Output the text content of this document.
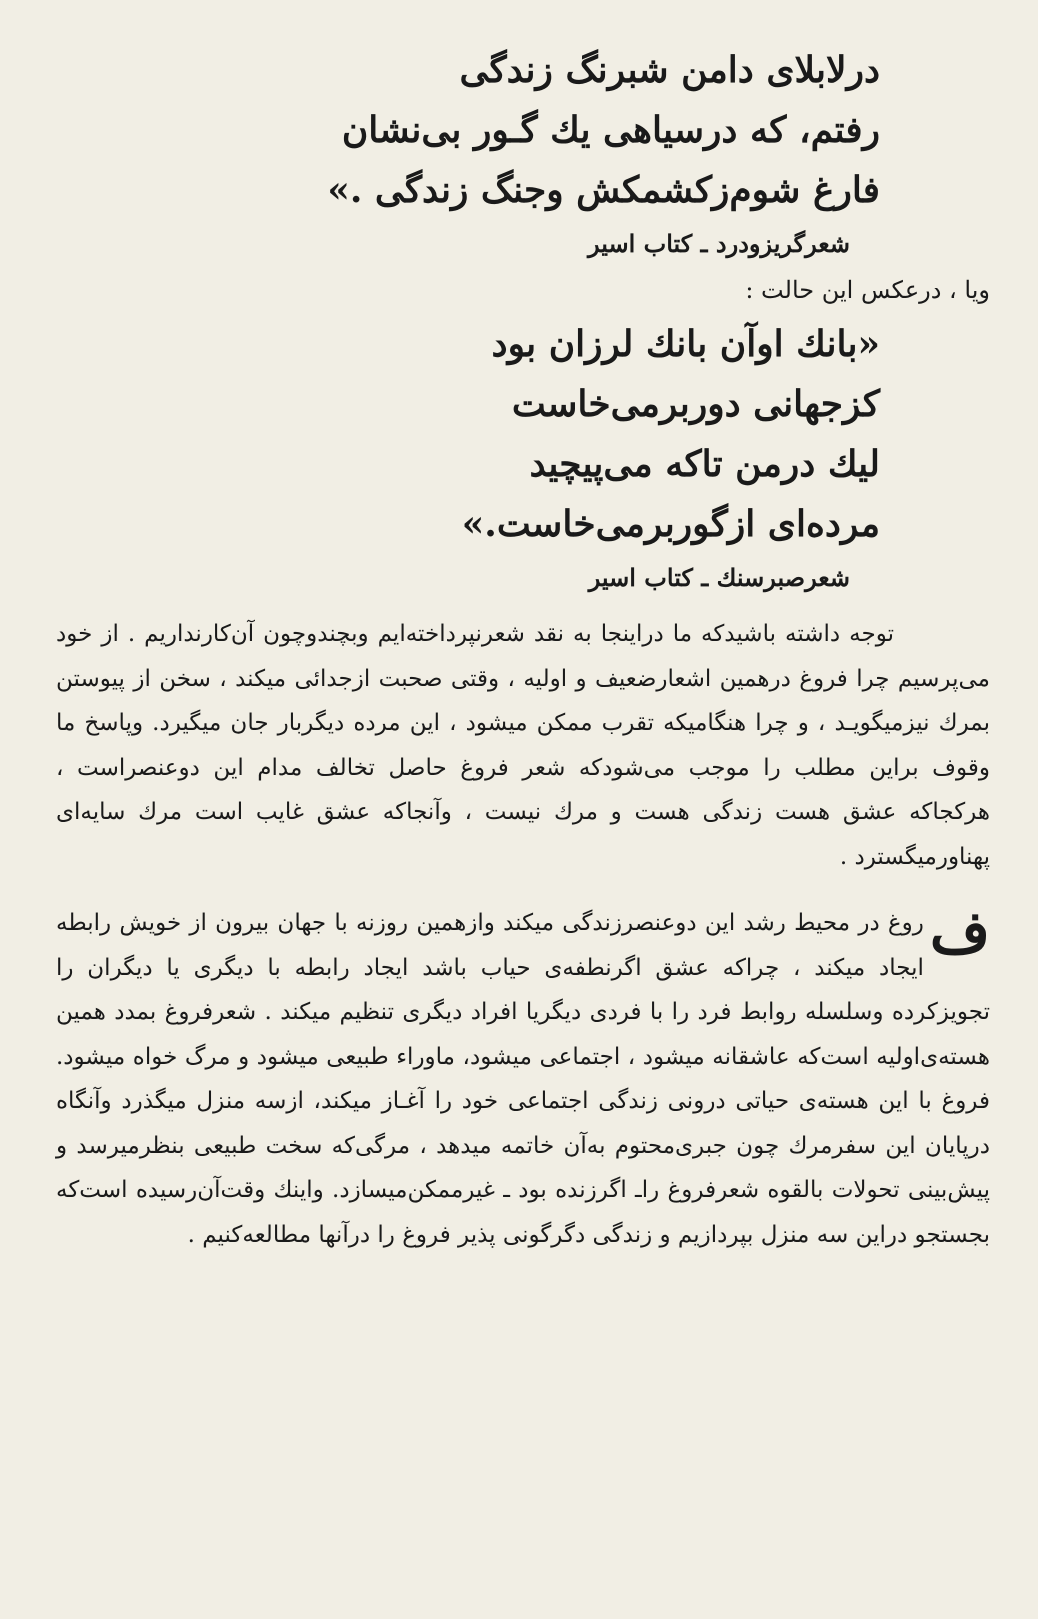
درلابلای دامن شبرنگ زندگی
رفتم، که درسیاهی یك گـور بی‌نشان
فارغ شوم‌زکشمکش وجنگ زندگی .»
شعرگریزودرد ـ کتاب اسیر
ویا ، درعکس این حالت :
«بانك اوآن بانك لرزان بود
کزجهانی دوربرمی‌خاست
لیك درمن تاکه می‌پیچید
مرده‌ای ازگوربرمی‌خاست.»
شعرصبرسنك ـ کتاب اسیر

توجه داشته باشیدکه ما دراینجا به نقد شعرنپرداخته‌ایم وبچندوچون آن‌کارنداریم . از خود می‌پرسیم چرا فروغ درهمین اشعارضعیف و اولیه ، وقتی صحبت ازجدائی میکند ، سخن از پیوستن بمرك نیزمیگویـد ، و چرا هنگامیکه تقرب ممکن میشود ، این مرده دیگربار جان میگیرد. وپاسخ ما وقوف براین مطلب را موجب می‌شودکه شعر فروغ حاصل تخالف مدام این دوعنصراست ، هرکجاکه عشق هست زندگی هست و مرك نیست ، وآنجاکه عشق غایب است مرك سایه‌ای پهناورمیگسترد .

ف
روغ در محیط رشد این دوعنصرزندگی میکند وازهمین روزنه با جهان بیرون از خویش رابطه ایجاد میکند ، چراکه عشق اگرنطفه‌ی حیاب باشد ایجاد رابطه با دیگری یا دیگران را تجویزکرده وسلسله روابط فرد را با فردی دیگریا افراد دیگری تنظیم میکند . شعرفروغ بمدد همین هسته‌ی‌اولیه است‌که عاشقانه میشود ، اجتماعی میشود، ماوراء طبیعی میشود و مرگ خواه میشود. فروغ با این هسته‌ی حیاتی درونی زندگی اجتماعی خود را آغـاز میکند، ازسه منزل میگذرد وآنگاه درپایان این سفرمرك چون جبری‌محتوم به‌آن خاتمه میدهد ، مرگی‌که سخت طبیعی بنظرمیرسد و پیش‌بینی تحولات بالقوه شعرفروغ راـ اگرزنده بود ـ غیرممکن‌میسازد. واینك وقت‌آن‌رسیده است‌که بجستجو دراین سه منزل بپردازیم و زندگی دگرگونی پذیر فروغ را درآنها مطالعه‌کنیم .
